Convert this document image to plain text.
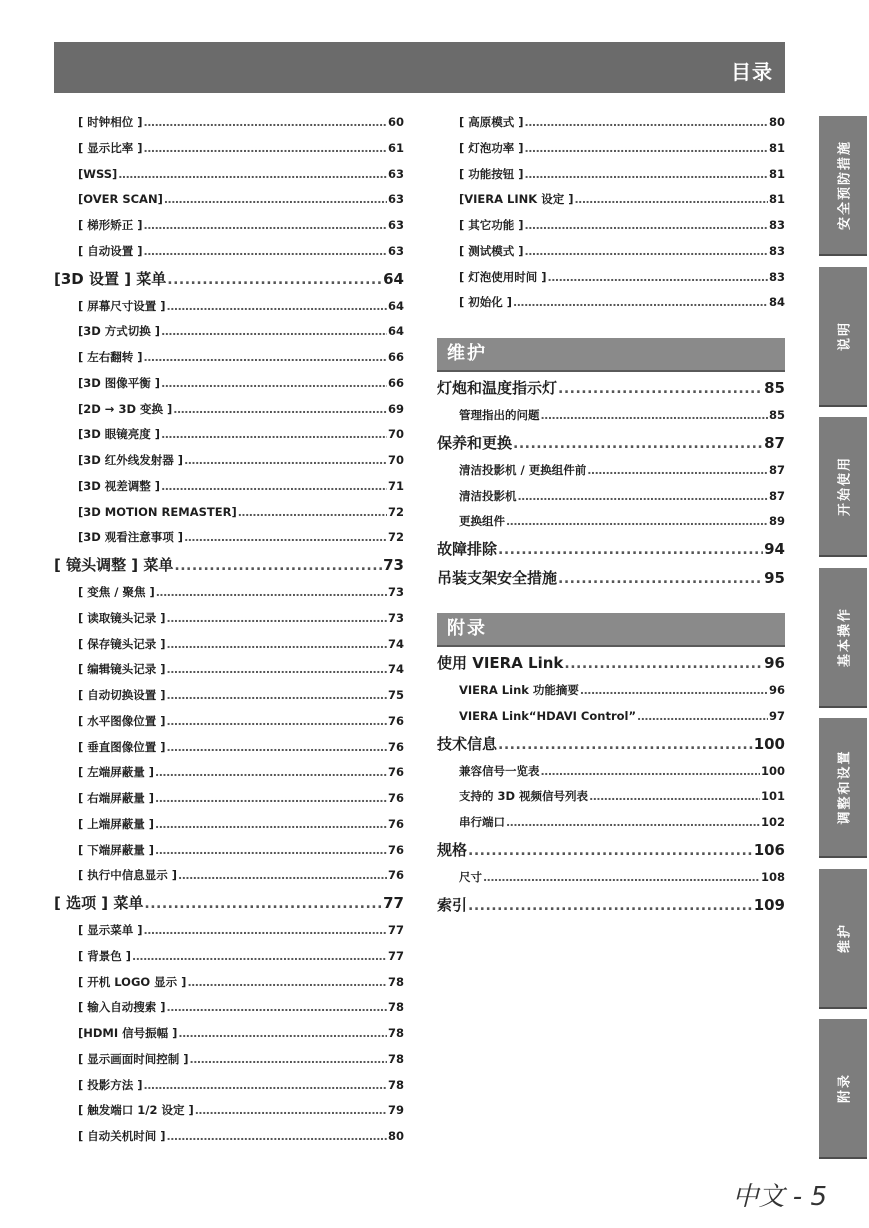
目录
[ 时钟相位 ] .....	60
[ 显示比率 ] .....	61
[WSS] .....	63
[OVER SCAN] .....	63
[ 梯形矫正 ] .....	63
[ 自动设置 ] .....	63
[3D 设置 ] 菜单 .....	64
[ 屏幕尺寸设置 ] .....	64
[3D 方式切换 ] .....	64
[ 左右翻转 ] .....	66
[3D 图像平衡 ] .....	66
[2D → 3D 变换 ] .....	69
[3D 眼镜亮度 ] .....	70
[3D 红外线发射器 ] .....	70
[3D 视差调整 ] .....	71
[3D MOTION REMASTER] .....	72
[3D 观看注意事项 ] .....	72
[ 镜头调整 ] 菜单 .....	73
[ 变焦 / 聚焦 ] .....	73
[ 读取镜头记录 ] .....	73
[ 保存镜头记录 ] .....	74
[ 编辑镜头记录 ] .....	74
[ 自动切换设置 ] .....	75
[ 水平图像位置 ] .....	76
[ 垂直图像位置 ] .....	76
[ 左端屏蔽量 ] .....	76
[ 右端屏蔽量 ] .....	76
[ 上端屏蔽量 ] .....	76
[ 下端屏蔽量 ] .....	76
[ 执行中信息显示 ] .....	76
[ 选项 ] 菜单 .....	77
[ 显示菜单 ] .....	77
[ 背景色 ] .....	77
[ 开机 LOGO 显示 ] .....	78
[ 输入自动搜索 ] .....	78
[HDMI 信号振幅 ] .....	78
[ 显示画面时间控制 ] .....	78
[ 投影方法 ] .....	78
[ 触发端口 1/2 设定 ] .....	79
[ 自动关机时间 ] .....	80
[ 高原模式 ] .....	80
[ 灯泡功率 ] .....	81
[ 功能按钮 ] .....	81
[VIERA LINK 设定 ] .....	81
[ 其它功能 ] .....	83
[ 测试模式 ] .....	83
[ 灯泡使用时间 ] .....	83
[ 初始化 ] .....	84
维护
灯炮和温度指示灯 .....	85
管理指出的问题 .....	85
保养和更换 .....	87
清洁投影机 / 更换组件前 .....	87
清洁投影机 .....	87
更换组件 .....	89
故障排除 .....	94
吊装支架安全措施 .....	95
附录
使用 VIERA Link .....	96
VIERA Link 功能摘要 .....	96
VIERA Link“HDAVI Control” .....	97
技术信息 .....	100
兼容信号一览表 .....	100
支持的 3D 视频信号列表 .....	101
串行端口 .....	102
规格 .....	106
尺寸 .....	108
索引 .....	109
安全预防措施
说明
开始使用
基本操作
调整和设置
维护
附录
中文 - 5
